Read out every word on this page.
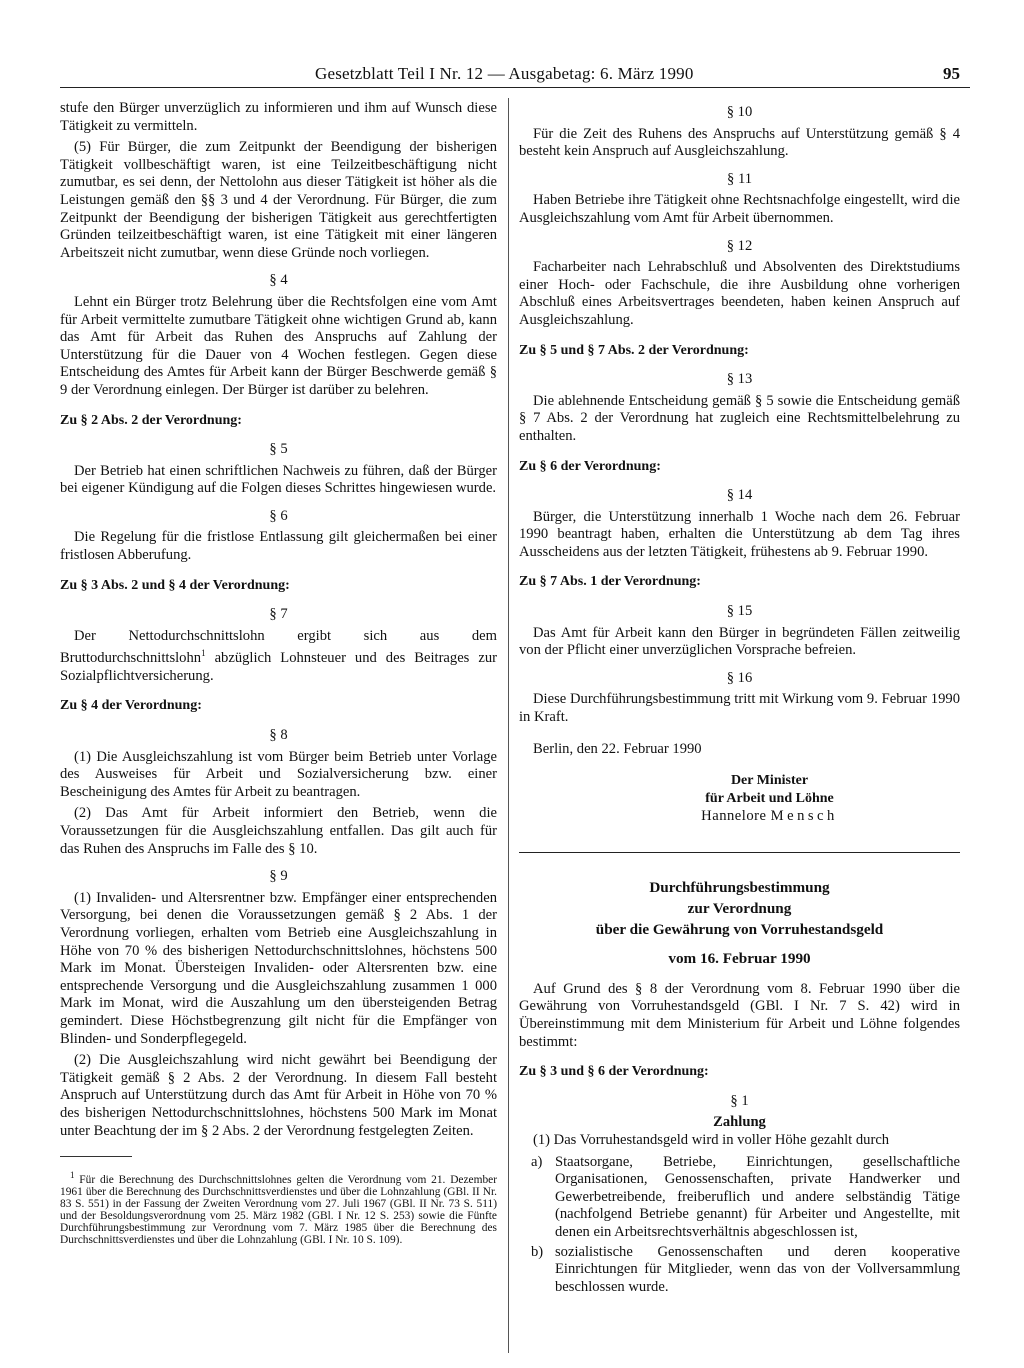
Gesetzblatt Teil I Nr. 12 — Ausgabetag: 6. März 1990	95

stufe den Bürger unverzüglich zu informieren und ihm auf Wunsch diese Tätigkeit zu vermitteln.

(5) Für Bürger, die zum Zeitpunkt der Beendigung der bisherigen Tätigkeit vollbeschäftigt waren, ist eine Teilzeitbeschäftigung nicht zumutbar, es sei denn, der Nettolohn aus dieser Tätigkeit ist höher als die Leistungen gemäß den §§ 3 und 4 der Verordnung. Für Bürger, die zum Zeitpunkt der Beendigung der bisherigen Tätigkeit aus gerechtfertigten Gründen teilzeitbeschäftigt waren, ist eine Tätigkeit mit einer längeren Arbeitszeit nicht zumutbar, wenn diese Gründe noch vorliegen.

§ 4

Lehnt ein Bürger trotz Belehrung über die Rechtsfolgen eine vom Amt für Arbeit vermittelte zumutbare Tätigkeit ohne wichtigen Grund ab, kann das Amt für Arbeit das Ruhen des Anspruchs auf Zahlung der Unterstützung für die Dauer von 4 Wochen festlegen. Gegen diese Entscheidung des Amtes für Arbeit kann der Bürger Beschwerde gemäß § 9 der Verordnung einlegen. Der Bürger ist darüber zu belehren.

Zu § 2 Abs. 2 der Verordnung:
§ 5

Der Betrieb hat einen schriftlichen Nachweis zu führen, daß der Bürger bei eigener Kündigung auf die Folgen dieses Schrittes hingewiesen wurde.

§ 6

Die Regelung für die fristlose Entlassung gilt gleichermaßen bei einer fristlosen Abberufung.

Zu § 3 Abs. 2 und § 4 der Verordnung:
§ 7

Der Nettodurchschnittslohn ergibt sich aus dem Bruttodurchschnittslohn$^1$ abzüglich Lohnsteuer und des Beitrages zur Sozialpflichtversicherung.

Zu § 4 der Verordnung:
§ 8

(1) Die Ausgleichszahlung ist vom Bürger beim Betrieb unter Vorlage des Ausweises für Arbeit und Sozialversicherung bzw. einer Bescheinigung des Amtes für Arbeit zu beantragen.

(2) Das Amt für Arbeit informiert den Betrieb, wenn die Voraussetzungen für die Ausgleichszahlung entfallen. Das gilt auch für das Ruhen des Anspruchs im Falle des § 10.

§ 9

(1) Invaliden- und Altersrentner bzw. Empfänger einer entsprechenden Versorgung, bei denen die Voraussetzungen gemäß § 2 Abs. 1 der Verordnung vorliegen, erhalten vom Betrieb eine Ausgleichszahlung in Höhe von 70 % des bisherigen Nettodurchschnittslohnes, höchstens 500 Mark im Monat. Übersteigen Invaliden- oder Altersrenten bzw. eine entsprechende Versorgung und die Ausgleichszahlung zusammen 1 000 Mark im Monat, wird die Auszahlung um den übersteigenden Betrag gemindert. Diese Höchstbegrenzung gilt nicht für die Empfänger von Blinden- und Sonderpflegegeld.

(2) Die Ausgleichszahlung wird nicht gewährt bei Beendigung der Tätigkeit gemäß § 2 Abs. 2 der Verordnung. In diesem Fall besteht Anspruch auf Unterstützung durch das Amt für Arbeit in Höhe von 70 % des bisherigen Nettodurchschnittslohnes, höchstens 500 Mark im Monat unter Beachtung der im § 2 Abs. 2 der Verordnung festgelegten Zeiten.

$^1$ Für die Berechnung des Durchschnittslohnes gelten die Verordnung vom 21. Dezember 1961 über die Berechnung des Durchschnittsverdienstes und über die Lohnzahlung (GBl. II Nr. 83 S. 551) in der Fassung der Zweiten Verordnung vom 27. Juli 1967 (GBl. II Nr. 73 S. 511) und der Besoldungsverordnung vom 25. März 1982 (GBl. I Nr. 12 S. 253) sowie die Fünfte Durchführungsbestimmung zur Verordnung vom 7. März 1985 über die Berechnung des Durchschnittsverdienstes und über die Lohnzahlung (GBl. I Nr. 10 S. 109).

§ 10

Für die Zeit des Ruhens des Anspruchs auf Unterstützung gemäß § 4 besteht kein Anspruch auf Ausgleichszahlung.

§ 11

Haben Betriebe ihre Tätigkeit ohne Rechtsnachfolge eingestellt, wird die Ausgleichszahlung vom Amt für Arbeit übernommen.

§ 12

Facharbeiter nach Lehrabschluß und Absolventen des Direktstudiums einer Hoch- oder Fachschule, die ihre Ausbildung ohne vorherigen Abschluß eines Arbeitsvertrages beendeten, haben keinen Anspruch auf Ausgleichszahlung.

Zu § 5 und § 7 Abs. 2 der Verordnung:
§ 13

Die ablehnende Entscheidung gemäß § 5 sowie die Entscheidung gemäß § 7 Abs. 2 der Verordnung hat zugleich eine Rechtsmittelbelehrung zu enthalten.

Zu § 6 der Verordnung:
§ 14

Bürger, die Unterstützung innerhalb 1 Woche nach dem 26. Februar 1990 beantragt haben, erhalten die Unterstützung ab dem Tag ihres Ausscheidens aus der letzten Tätigkeit, frühestens ab 9. Februar 1990.

Zu § 7 Abs. 1 der Verordnung:
§ 15

Das Amt für Arbeit kann den Bürger in begründeten Fällen zeitweilig von der Pflicht einer unverzüglichen Vorsprache befreien.

§ 16

Diese Durchführungsbestimmung tritt mit Wirkung vom 9. Februar 1990 in Kraft.

Berlin, den 22. Februar 1990

Der Minister
für Arbeit und Löhne
Hannelore Mensch
Durchführungsbestimmung
zur Verordnung
über die Gewährung von Vorruhestandsgeld
vom 16. Februar 1990

Auf Grund des § 8 der Verordnung vom 8. Februar 1990 über die Gewährung von Vorruhestandsgeld (GBl. I Nr. 7 S. 42) wird in Übereinstimmung mit dem Ministerium für Arbeit und Löhne folgendes bestimmt:

Zu § 3 und § 6 der Verordnung:
§ 1
Zahlung

(1) Das Vorruhestandsgeld wird in voller Höhe gezahlt durch

a) Staatsorgane, Betriebe, Einrichtungen, gesellschaftliche Organisationen, Genossenschaften, private Handwerker und Gewerbetreibende, freiberuflich und andere selbständig Tätige (nachfolgend Betriebe genannt) für Arbeiter und Angestellte, mit denen ein Arbeitsrechtsverhältnis abgeschlossen ist,
b) sozialistische Genossenschaften und deren kooperative Einrichtungen für Mitglieder, wenn das von der Vollversammlung beschlossen wurde.
